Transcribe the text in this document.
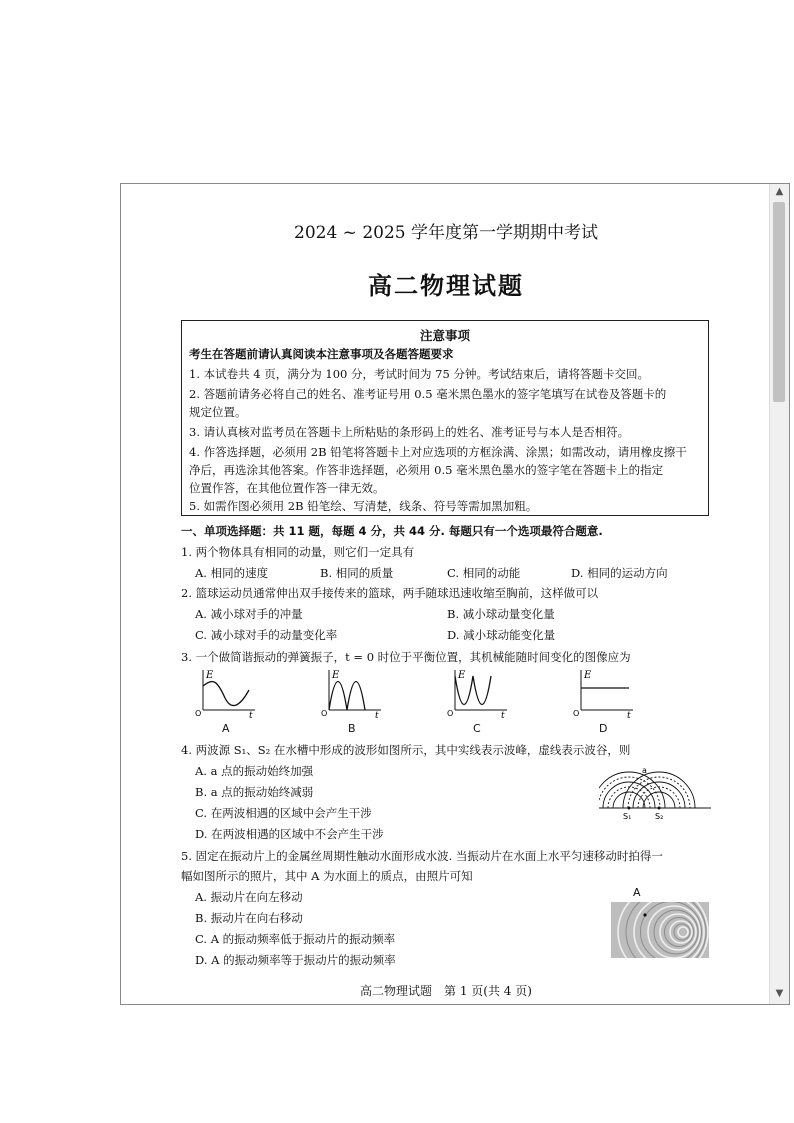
2024 ~ 2025 学年度第一学期期中考试
高二物理试题
注意事项
考生在答题前请认真阅读本注意事项及各题答题要求
1. 本试卷共 4 页，满分为 100 分，考试时间为 75 分钟。考试结束后，请将答题卡交回。
2. 答题前请务必将自己的姓名、准考证号用 0.5 毫米黑色墨水的签字笔填写在试卷及答题卡的
规定位置。
3. 请认真核对监考员在答题卡上所粘贴的条形码上的姓名、准考证号与本人是否相符。
4. 作答选择题，必须用 2B 铅笔将答题卡上对应选项的方框涂满、涂黑；如需改动，请用橡皮擦干
净后，再选涂其他答案。作答非选择题，必须用 0.5 毫米黑色墨水的签字笔在答题卡上的指定
位置作答，在其他位置作答一律无效。
5. 如需作图必须用 2B 铅笔绘、写清楚，线条、符号等需加黑加粗。
一、单项选择题：共 11 题，每题 4 分，共 44 分. 每题只有一个选项最符合题意.
1. 两个物体具有相同的动量，则它们一定具有
A. 相同的速度	B. 相同的质量	C. 相同的动能	D. 相同的运动方向
2. 篮球运动员通常伸出双手接传来的篮球，两手随球迅速收缩至胸前，这样做可以
A. 减小球对手的冲量	B. 减小球动量变化量
C. 减小球对手的动量变化率	D. 减小球动能变化量
3. 一个做简谐振动的弹簧振子，t = 0 时位于平衡位置，其机械能随时间变化的图像应为
E
O	t
E
O	t
E
O	t
E
O	t
A	B	C	D
4. 两波源 S₁、S₂ 在水槽中形成的波形如图所示，其中实线表示波峰，虚线表示波谷，则
A. a 点的振动始终加强
B. a 点的振动始终减弱
C. 在两波相遇的区域中会产生干涉
D. 在两波相遇的区域中不会产生干涉
a
S₁	S₂
5. 固定在振动片上的金属丝周期性触动水面形成水波. 当振动片在水面上水平匀速移动时拍得一
幅如图所示的照片，其中 A 为水面上的质点，由照片可知
A. 振动片在向左移动
B. 振动片在向右移动
C. A 的振动频率低于振动片的振动频率
D. A 的振动频率等于振动片的振动频率
A
高二物理试题　第 1 页(共 4 页)
▲
▼
